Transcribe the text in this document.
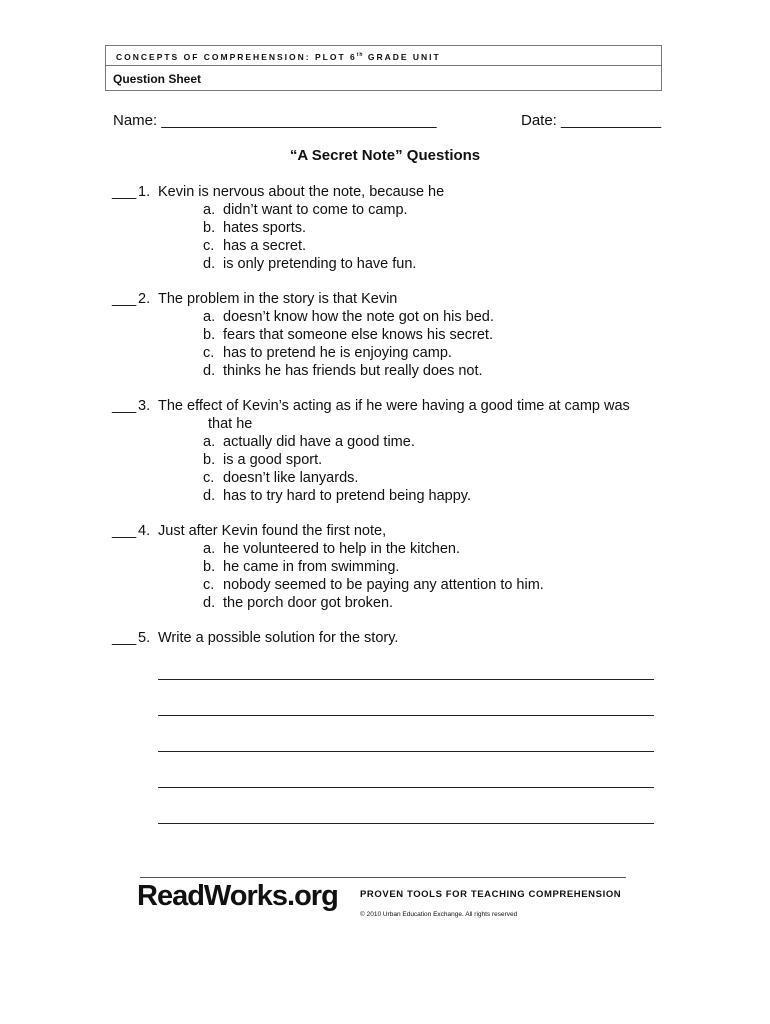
CONCEPTS OF COMPREHENSION: PLOT 6th GRADE UNIT
Question Sheet
Name: _________________________________	Date: ____________
“A Secret Note” Questions
___ 1. Kevin is nervous about the note, because he
a. didn’t want to come to camp.
b. hates sports.
c. has a secret.
d. is only pretending to have fun.
___ 2. The problem in the story is that Kevin
a. doesn’t know how the note got on his bed.
b. fears that someone else knows his secret.
c. has to pretend he is enjoying camp.
d. thinks he has friends but really does not.
___ 3. The effect of Kevin’s acting as if he were having a good time at camp was
that he
a. actually did have a good time.
b. is a good sport.
c. doesn’t like lanyards.
d. has to try hard to pretend being happy.
___ 4. Just after Kevin found the first note,
a. he volunteered to help in the kitchen.
b. he came in from swimming.
c. nobody seemed to be paying any attention to him.
d. the porch door got broken.
___ 5. Write a possible solution for the story.
ReadWorks.org PROVEN TOOLS FOR TEACHING COMPREHENSION
© 2010 Urban Education Exchange. All rights reserved
